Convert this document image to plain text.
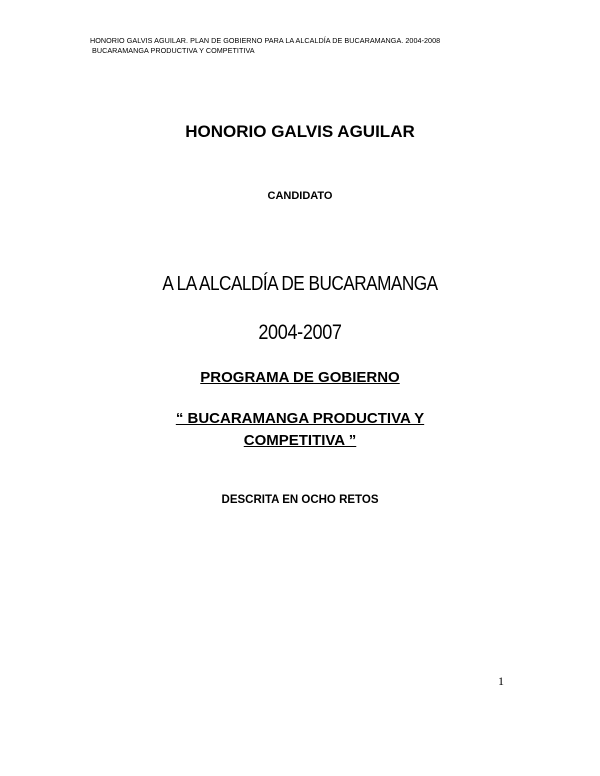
HONORIO GALVIS AGUILAR. PLAN DE GOBIERNO PARA LA ALCALDÍA DE BUCARAMANGA. 2004-2008
BUCARAMANGA PRODUCTIVA Y COMPETITIVA
HONORIO GALVIS AGUILAR
CANDIDATO
A LA ALCALDÍA DE BUCARAMANGA
2004-2007
PROGRAMA DE GOBIERNO
“ BUCARAMANGA PRODUCTIVA Y
COMPETITIVA ”
DESCRITA EN OCHO RETOS
1
